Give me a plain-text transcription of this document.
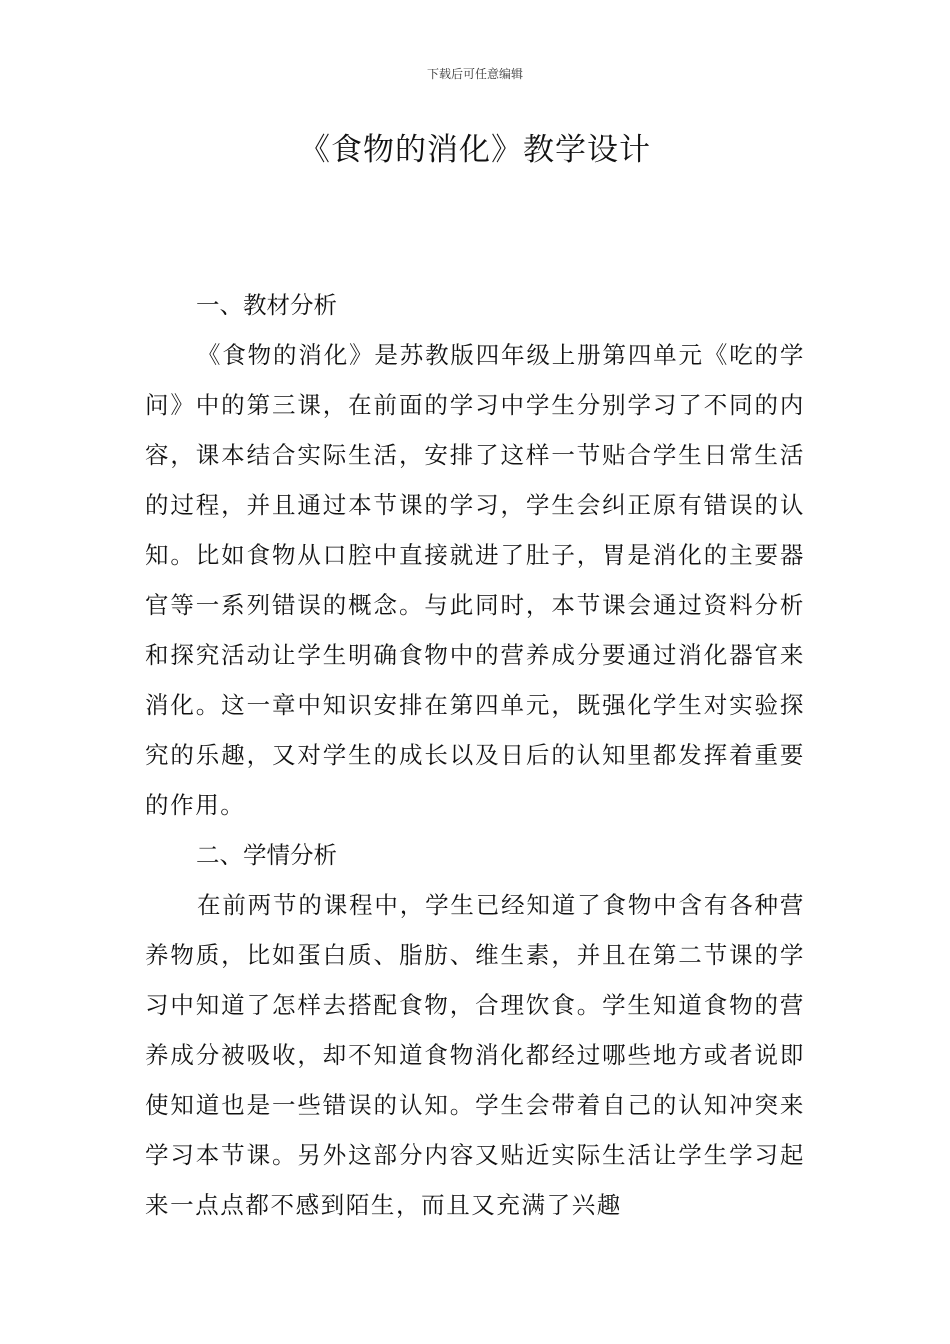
下载后可任意编辑
《食物的消化》教学设计
一、教材分析

《食物的消化》是苏教版四年级上册第四单元《吃的学问》中的第三课，在前面的学习中学生分别学习了不同的内容，课本结合实际生活，安排了这样一节贴合学生日常生活的过程，并且通过本节课的学习，学生会纠正原有错误的认知。比如食物从口腔中直接就进了肚子，胃是消化的主要器官等一系列错误的概念。与此同时，本节课会通过资料分析和探究活动让学生明确食物中的营养成分要通过消化器官来消化。这一章中知识安排在第四单元，既强化学生对实验探究的乐趣，又对学生的成长以及日后的认知里都发挥着重要的作用。

二、学情分析

在前两节的课程中，学生已经知道了食物中含有各种营养物质，比如蛋白质、脂肪、维生素，并且在第二节课的学习中知道了怎样去搭配食物，合理饮食。学生知道食物的营养成分被吸收，却不知道食物消化都经过哪些地方或者说即使知道也是一些错误的认知。学生会带着自己的认知冲突来学习本节课。另外这部分内容又贴近实际生活让学生学习起来一点点都不感到陌生，而且又充满了兴趣
